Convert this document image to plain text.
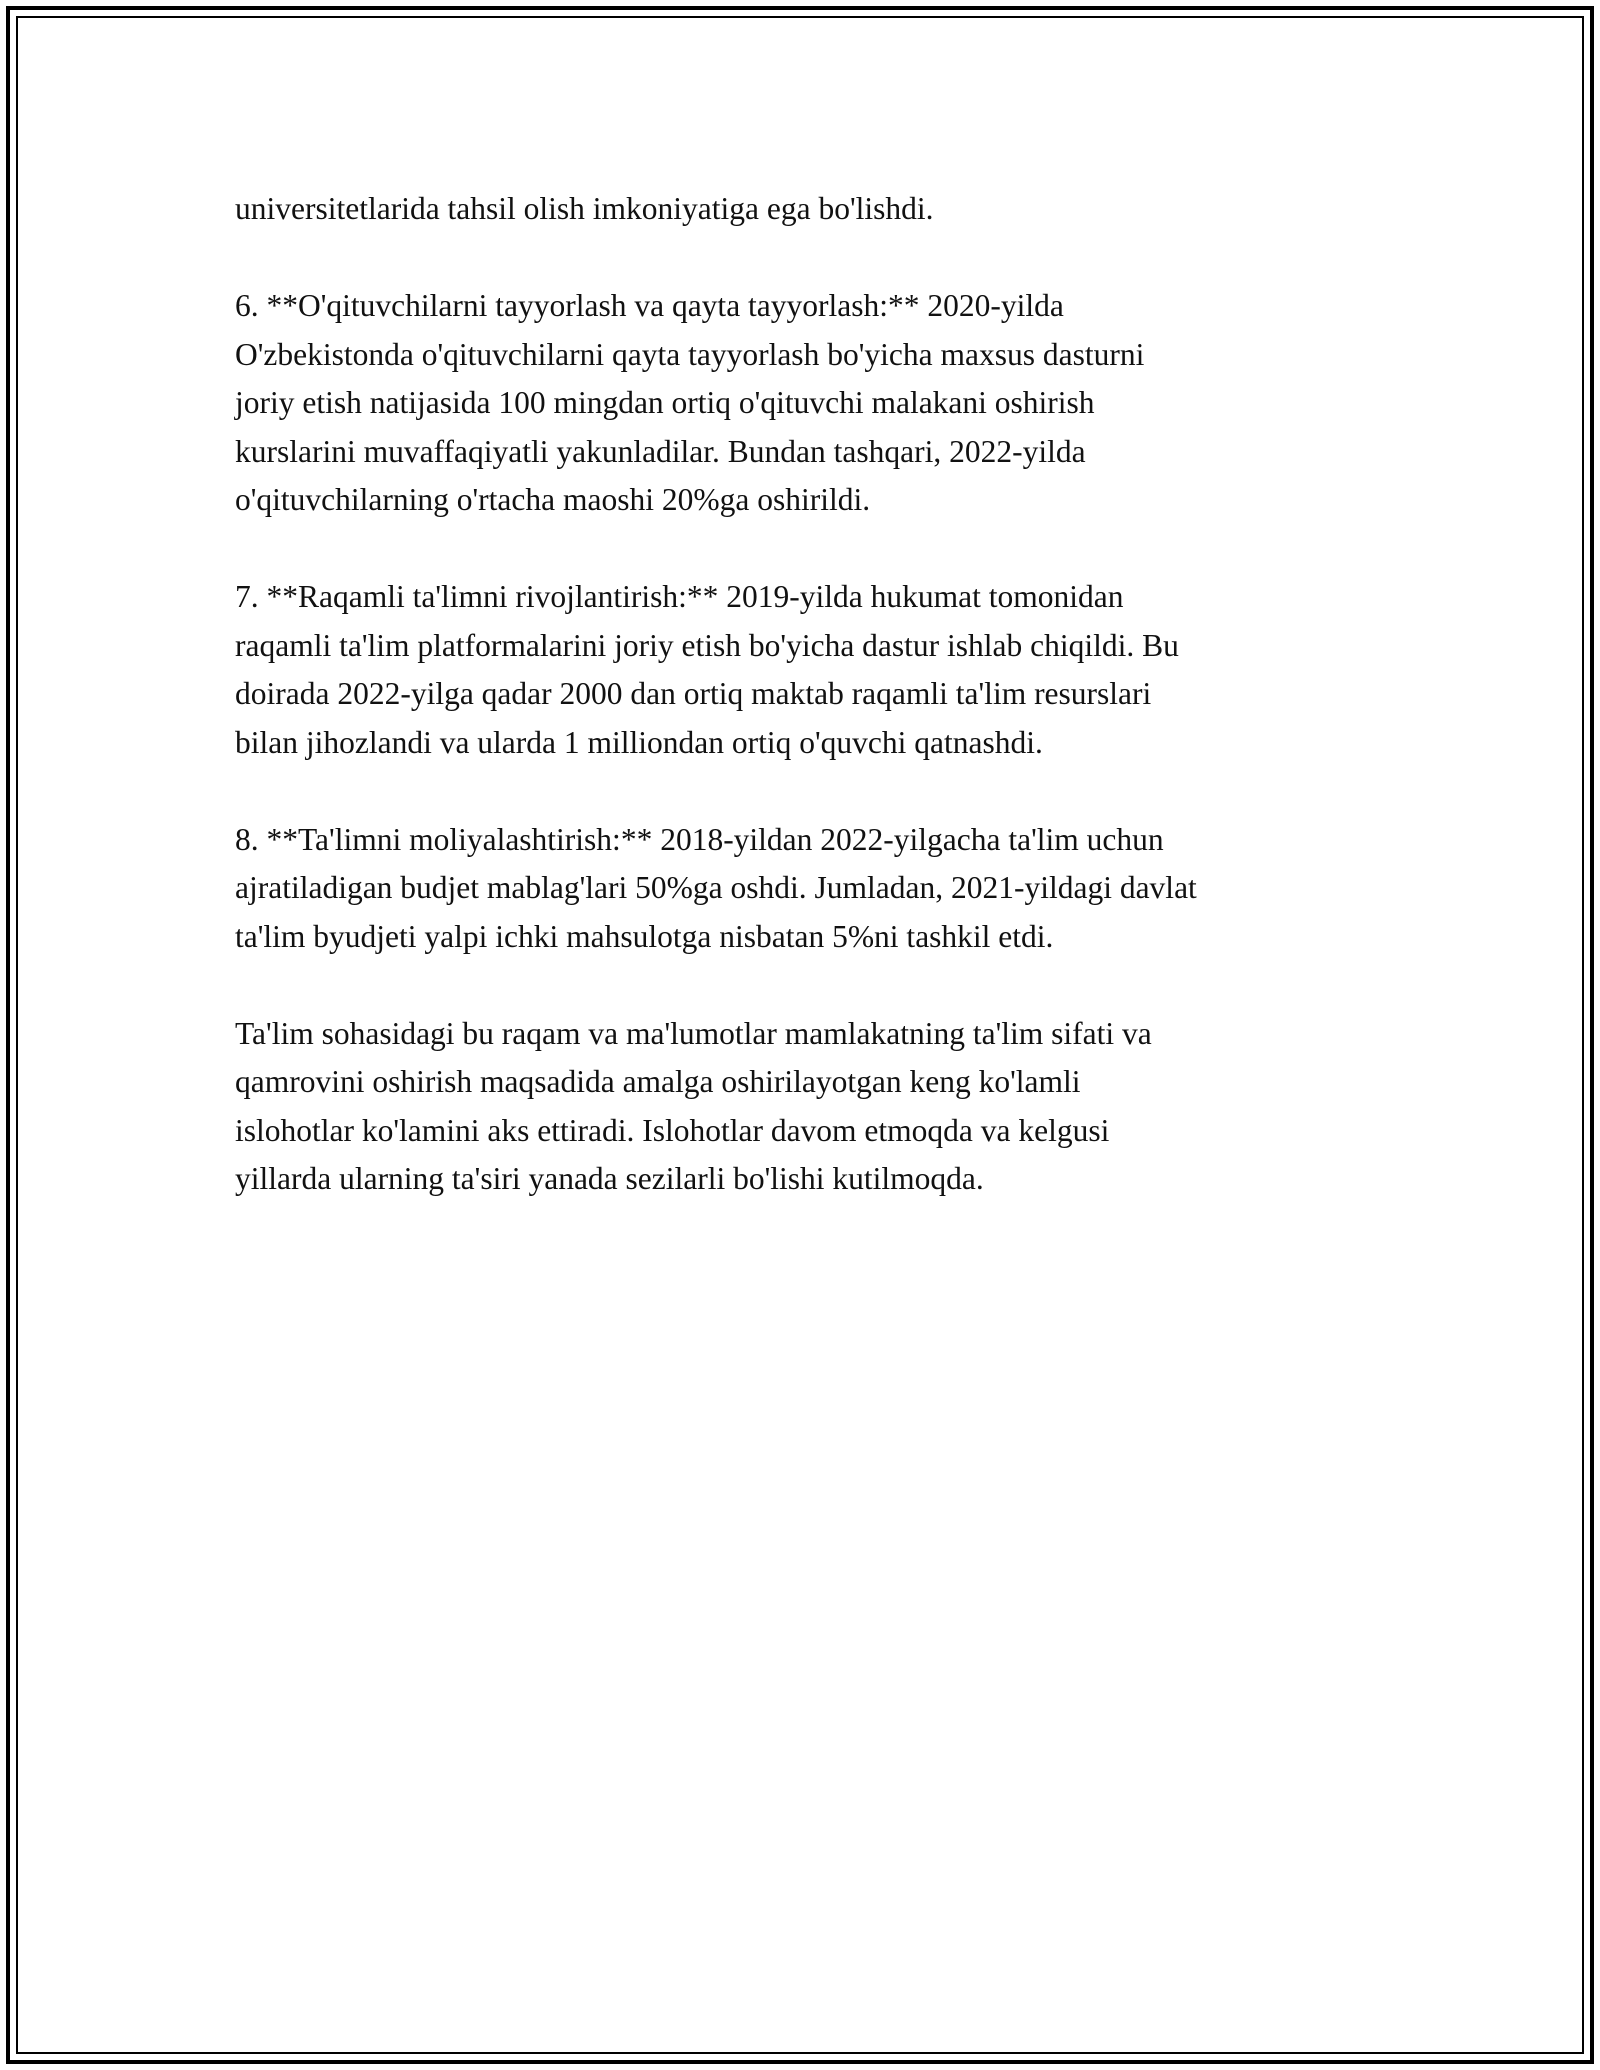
universitetlarida tahsil olish imkoniyatiga ega bo'lishdi.

6. **O'qituvchilarni tayyorlash va qayta tayyorlash:** 2020-yilda
O'zbekistonda o'qituvchilarni qayta tayyorlash bo'yicha maxsus dasturni
joriy etish natijasida 100 mingdan ortiq o'qituvchi malakani oshirish
kurslarini muvaffaqiyatli yakunladilar. Bundan tashqari, 2022-yilda
o'qituvchilarning o'rtacha maoshi 20%ga oshirildi.

7. **Raqamli ta'limni rivojlantirish:** 2019-yilda hukumat tomonidan
raqamli ta'lim platformalarini joriy etish bo'yicha dastur ishlab chiqildi. Bu
doirada 2022-yilga qadar 2000 dan ortiq maktab raqamli ta'lim resurslari
bilan jihozlandi va ularda 1 milliondan ortiq o'quvchi qatnashdi.

8. **Ta'limni moliyalashtirish:** 2018-yildan 2022-yilgacha ta'lim uchun
ajratiladigan budjet mablag'lari 50%ga oshdi. Jumladan, 2021-yildagi davlat
ta'lim byudjeti yalpi ichki mahsulotga nisbatan 5%ni tashkil etdi.

Ta'lim sohasidagi bu raqam va ma'lumotlar mamlakatning ta'lim sifati va
qamrovini oshirish maqsadida amalga oshirilayotgan keng ko'lamli
islohotlar ko'lamini aks ettiradi. Islohotlar davom etmoqda va kelgusi
yillarda ularning ta'siri yanada sezilarli bo'lishi kutilmoqda.
